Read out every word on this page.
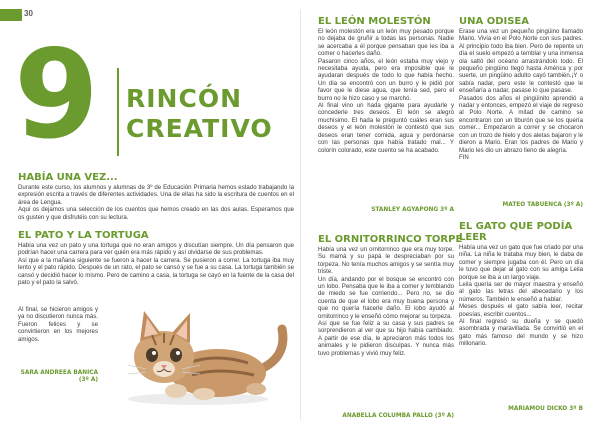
30
9 RINCÓN
CREATIVO
HABÍA UNA VEZ...

Durante este curso, los alumnos y alumnas de 3º de Educación Primaria hemos estado trabajando la expresión escrita a través de diferentes actividades. Una de ellas ha sido la escritura de cuentos en el área de Lengua.

Aquí os dejamos una selección de los cuentos que hemos creado en las dos aulas. Esperamos que os gusten y que disfrutéis con su lectura.

EL PATO Y LA TORTUGA

Había una vez un pato y una tortuga que no eran amigos y discutían siempre. Un día pensaron que podrían hacer una carrera para ver quién era más rápido y así olvidarse de sus problemas.

Así que a la mañana siguiente se fueron a hacer la carrera. Se pusieron a correr. La tortuga iba muy lento y el pato rápido. Después de un rato, el pato se cansó y se fue a su casa. La tortuga también se cansó y decidió hacer lo mismo. Pero de camino a casa, la tortuga se cayó en la fuente de la casa del pato y el pato la salvó.

Al final, se hicieron amigos y ya no discutieron nunca más. Fueron felices y se convirtieron en los mejores amigos.
SARA ANDREEA BANICA
(3º A)
EL LEÓN MOLESTÓN

El león molestón era un león muy pesado porque no dejaba de gruñir a todas las personas. Nadie se acercaba a él porque pensaban que les iba a comer o hacerles daño.

Pasaron cinco años, el león estaba muy viejo y necesitaba ayuda, pero era imposible que le ayudaran después de todo lo que había hecho. Un día se encontró con un burro y le pidió por favor que le diese agua, que tenía sed, pero el burro no le hizo caso y se marchó.

Al final vino un hada gigante para ayudarle y concederle tres deseos. El león se alegró muchísimo. El hada le preguntó cuáles eran sus deseos y el león molestón le contestó que sus deseos eran tener comida, agua y perdonarse con las personas que había tratado mal... Y colorín colorado, este cuento se ha acabado.

STANLEY AGYAPONG 3º A
UNA ODISEA

Erase una vez un pequeño pingüino llamado Mario. Vivía en el Polo Norte con sus padres. Al principio todo iba bien. Pero de repente un día el suelo empezó a temblar y una inmensa ola saltó del océano arrastrándolo todo. El pequeño pingüino llegó hasta América y por suerte, un pingüino adulto cayó también.¡Y o sabía nadar, pero este le contestó que le enseñaría a nadar, pasase lo que pasase.

Pasados dos años el pingüinito aprendió a nadar y entonces, empezó el viaje de regreso al Polo Norte. A mitad de camino se encontraron con un tiburón que se los quería comer... Empezaron a correr y se chocaron con un trozo de hielo y dos aletas bajaron y le dieron a Mario. Eran los padres de Mario y Mario les dio un abrazo lleno de alegría.

FIN

MATEO TABUENCA (3º A)
EL ORNITORRINCO TORPE

Había una vez un ornitorrinco que era muy torpe. Su mamá y su papá le despreciaban por su torpeza. No tenía muchos amigos y se sentía muy triste.

Un día, andando por el bosque se encontró con un lobo. Pensaba que le iba a comer y temblando de miedo se fue corriendo... Pero no, se dio cuenta de que el lobo era muy buena persona y que no quería hacerle daño. El lobo ayudó al ornitorrinco y le enseñó cómo mejorar su torpeza.

Así que se fue feliz a su casa y sus padres se sorprendieron al ver que su hijo había cambiado. A partir de ese día, le apreciaron más todos los animales y le pidieron disculpas. Y nunca más tuvo problemas y vivió muy feliz.

ANABELLA COLUMBA PALLO (3º A)
EL GATO QUE PODÍA LEER

Había una vez un gato que fue criado por una niña. La niña le trataba muy bien, le daba de comer y siempre jugaba con él. Pero un día le tuvo que dejar al gato con su amiga Leila porque se iba a un largo viaje.

Leila quería ser de mayor maestra y enseñó al gato las letras del abecedario y los números. También le enseñó a hablar.

Meses después el gato sabía leer, recitar poesías, escribir cuentos...

Al final regresó su dueña y se quedó asombrada y maravillada. Se convirtió en el gato más famoso del mundo y se hizo millonario.

MARIAMOU DICKO 3º B
